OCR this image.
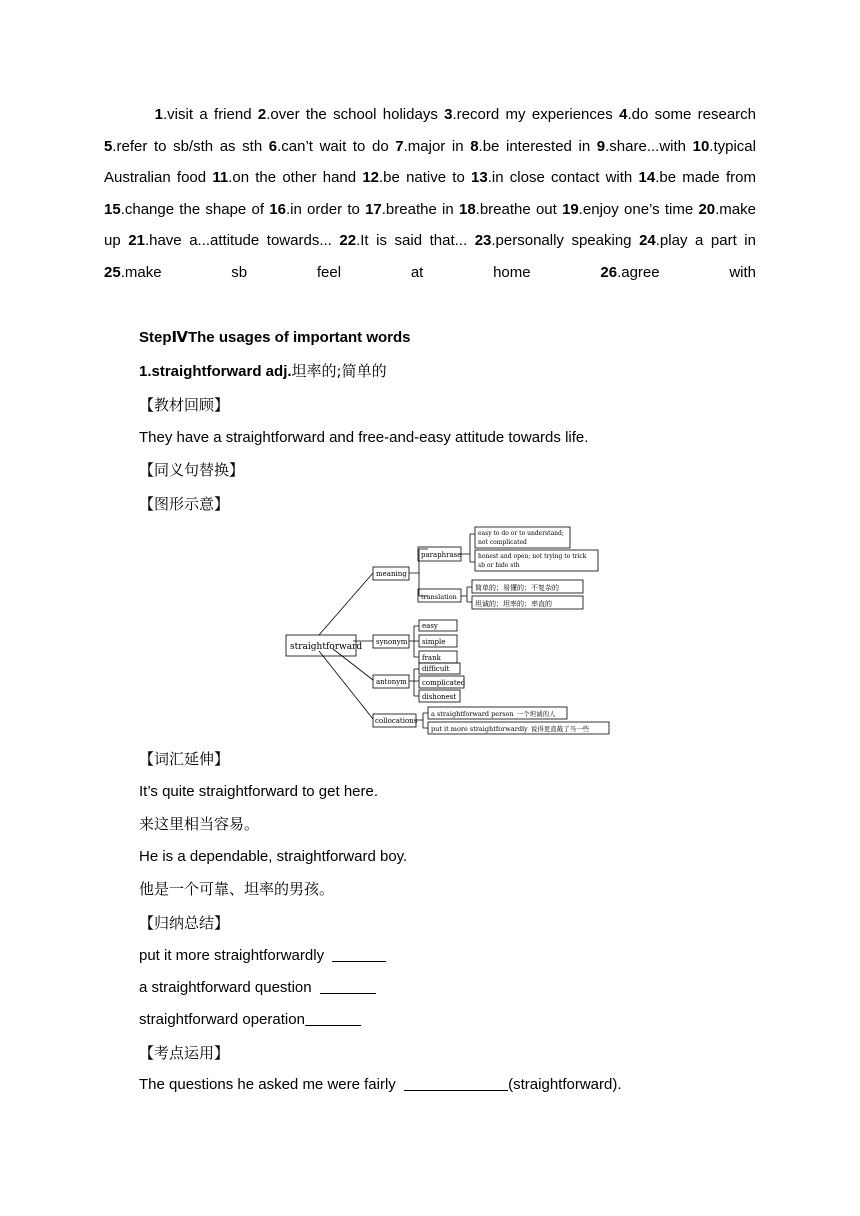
1.visit a friend 2.over the school holidays 3.record my experiences 4.do some research 5.refer to sb/sth as sth 6.can’t wait to do 7.major in 8.be interested in 9.share...with 10.typical Australian food 11.on the other hand 12.be native to 13.in close contact with 14.be made from 15.change the shape of 16.in order to 17.breathe in 18.breathe out 19.enjoy one’s time 20.make up 21.have a...attitude towards... 22.It is said that... 23.personally speaking 24.play a part in 25.make sb feel at home	26.agree with
StepⅣThe usages of important words
1.straightforward adj.坦率的;简单的
【教材回顾】
They have a straightforward and free-and-easy attitude towards life.
【同义句替换】
【图形示意】
straightforward
meaning
paraphrase
easy to do or to understand;
not complicated
honest and open; not trying to trick
sb or hide sth
translation
简单的；易懂的；不复杂的
坦诚的；坦率的；率直的
synonym
easy
simple
frank
antonym
difficult
complicated
dishonest
collocations
a straightforward person 一个坦诚的人
put it more straightforwardly 说得更直截了当一些
【词汇延伸】
It’s quite straightforward to get here.
来这里相当容易。
He is a dependable, straightforward boy.
他是一个可靠、坦率的男孩。
【归纳总结】
put it more straightforwardly
a straightforward question
straightforward operation
【考点运用】
The questions he asked me were fairly	(straightforward).
